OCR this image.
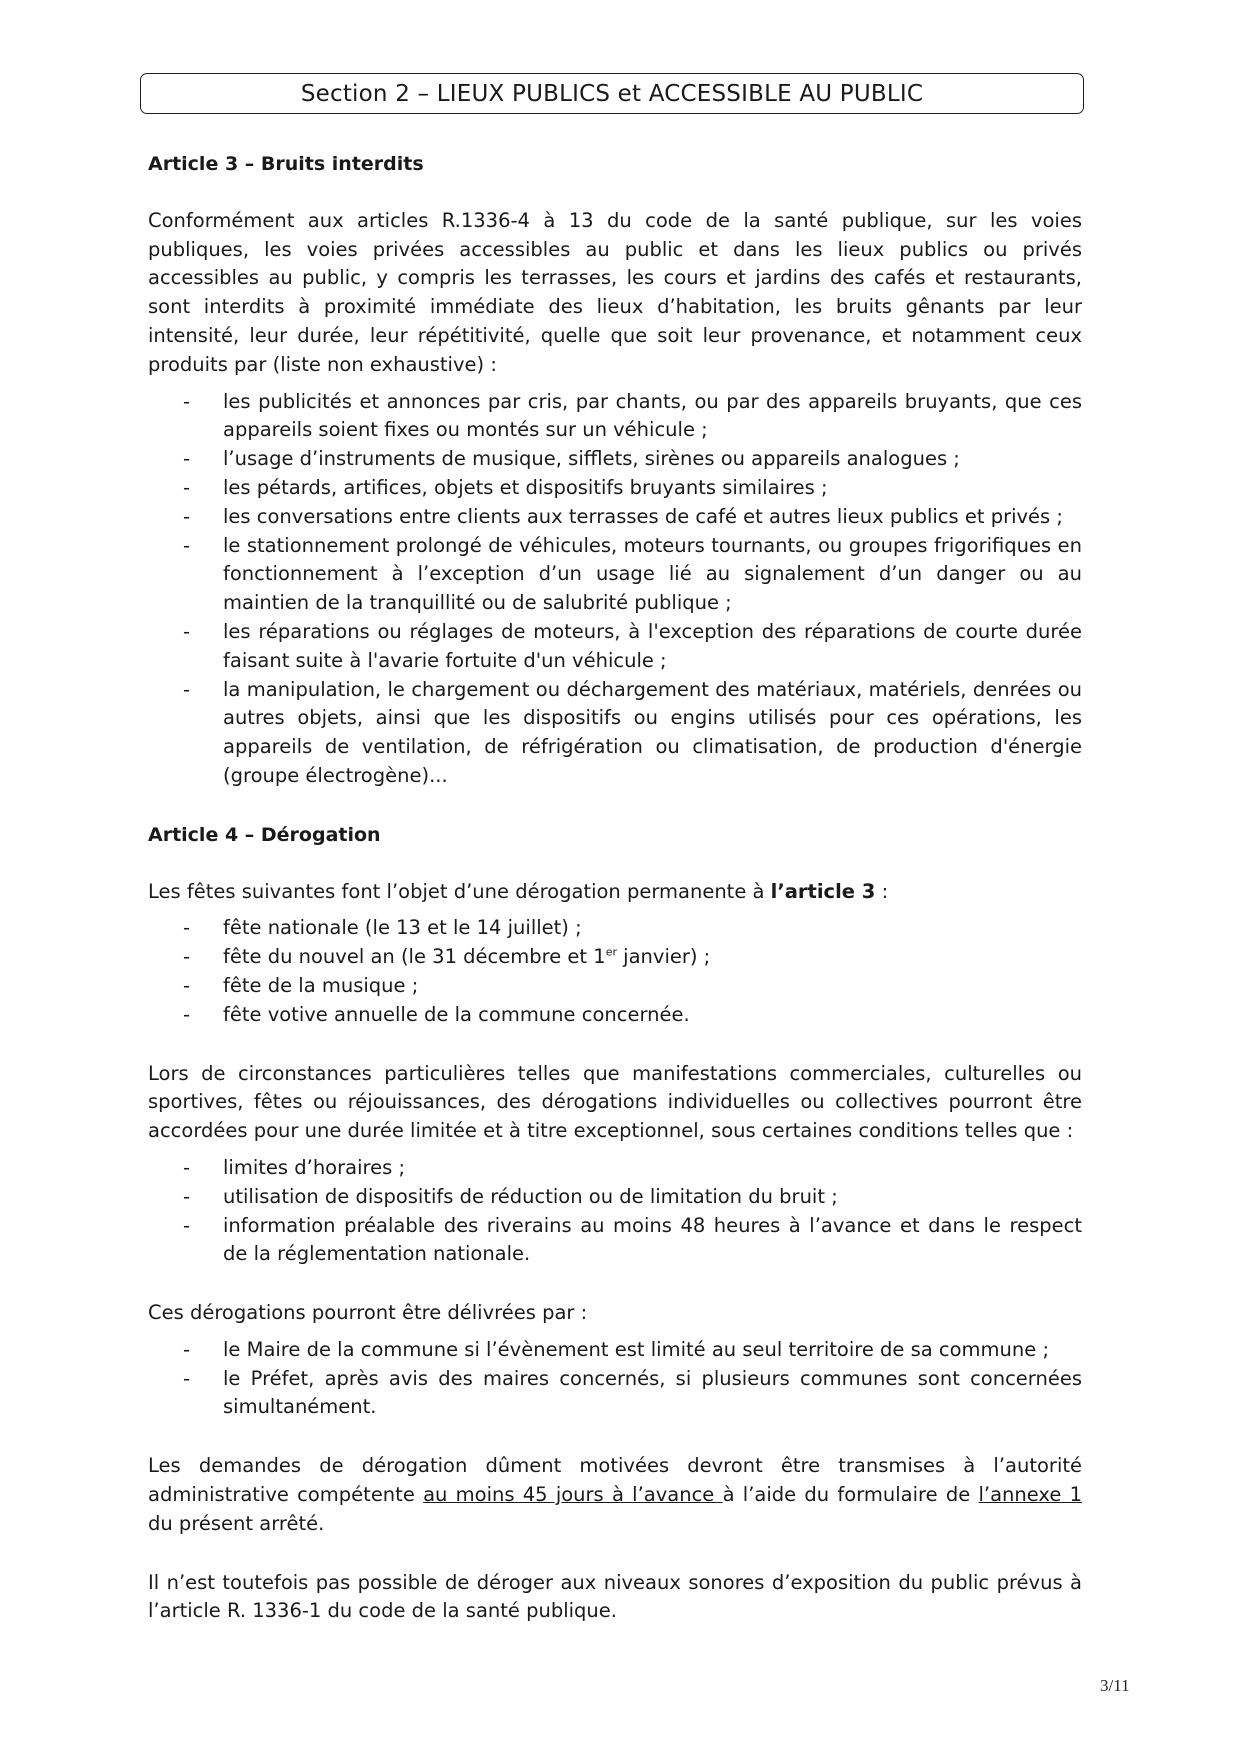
Section 2 – LIEUX PUBLICS et ACCESSIBLE AU PUBLIC
Article 3 – Bruits interdits

Conformément aux articles R.1336-4 à 13 du code de la santé publique, sur les voies publiques, les voies privées accessibles au public et dans les lieux publics ou privés accessibles au public, y compris les terrasses, les cours et jardins des cafés et restaurants, sont interdits à proximité immédiate des lieux d’habitation, les bruits gênants par leur intensité, leur durée, leur répétitivité, quelle que soit leur provenance, et notamment ceux produits par (liste non exhaustive) :

- les publicités et annonces par cris, par chants, ou par des appareils bruyants, que ces appareils soient fixes ou montés sur un véhicule ;
- l’usage d’instruments de musique, sifflets, sirènes ou appareils analogues ;
- les pétards, artifices, objets et dispositifs bruyants similaires ;
- les conversations entre clients aux terrasses de café et autres lieux publics et privés ;
- le stationnement prolongé de véhicules, moteurs tournants, ou groupes frigorifiques en fonctionnement à l’exception d’un usage lié au signalement d’un danger ou au maintien de la tranquillité ou de salubrité publique ;
- les réparations ou réglages de moteurs, à l'exception des réparations de courte durée faisant suite à l'avarie fortuite d'un véhicule ;
- la manipulation, le chargement ou déchargement des matériaux, matériels, denrées ou autres objets, ainsi que les dispositifs ou engins utilisés pour ces opérations, les appareils de ventilation, de réfrigération ou climatisation, de production d'énergie (groupe électrogène)...
Article 4 – Dérogation

Les fêtes suivantes font l’objet d’une dérogation permanente à l’article 3 :

- fête nationale (le 13 et le 14 juillet) ;
- fête du nouvel an (le 31 décembre et 1er janvier) ;
- fête de la musique ;
- fête votive annuelle de la commune concernée.

Lors de circonstances particulières telles que manifestations commerciales, culturelles ou sportives, fêtes ou réjouissances, des dérogations individuelles ou collectives pourront être accordées pour une durée limitée et à titre exceptionnel, sous certaines conditions telles que :

- limites d’horaires ;
- utilisation de dispositifs de réduction ou de limitation du bruit ;
- information préalable des riverains au moins 48 heures à l’avance et dans le respect de la réglementation nationale.

Ces dérogations pourront être délivrées par :

- le Maire de la commune si l’évènement est limité au seul territoire de sa commune ;
- le Préfet, après avis des maires concernés, si plusieurs communes sont concernées simultanément.

Les demandes de dérogation dûment motivées devront être transmises à l’autorité administrative compétente au moins 45 jours à l’avance à l’aide du formulaire de l’annexe 1 du présent arrêté.

Il n’est toutefois pas possible de déroger aux niveaux sonores d’exposition du public prévus à l’article R. 1336-1 du code de la santé publique.

3/11
